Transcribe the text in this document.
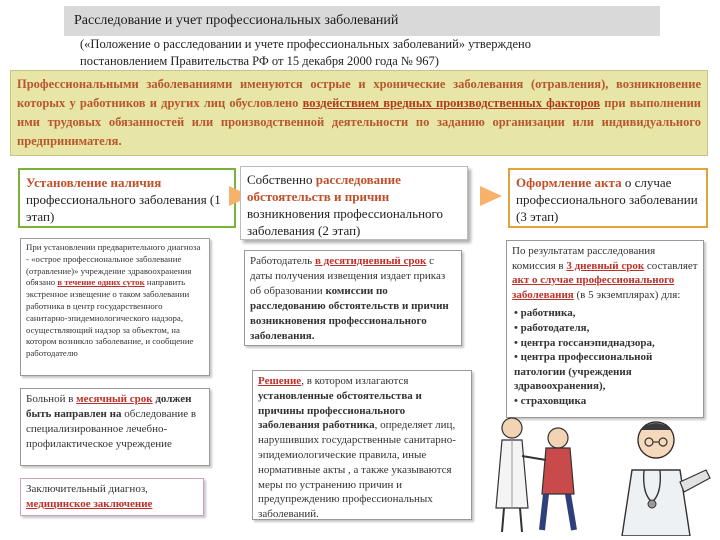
Расследование и учет профессиональных заболеваний
(«Положение о расследовании и учете профессиональных заболеваний» утверждено постановлением Правительства РФ от 15 декабря 2000 года № 967)
Профессиональными заболеваниями именуются острые и хронические заболевания (отравления), возникновение которых у работников и других лиц обусловлено воздействием вредных производственных факторов при выполнении ими трудовых обязанностей или производственной деятельности по заданию организации или индивидуального предпринимателя.
Установление наличия профессионального заболевания (1 этап)
Собственно расследование обстоятельств и причин возникновения профессионального заболевания (2 этап)
Оформление акта о случае профессионального заболевании (3 этап)
При установлении предварительного диагноза - «острое профессиональное заболевание (отравление)» учреждение здравоохранения обязано в течение одних суток направить экстренное извещение о таком заболевании работника в центр государственного санитарно-эпидемиологического надзора, осуществляющий надзор за объектом, на котором возникло заболевание, и сообщение работодателю
Больной в месячный срок должен быть направлен на обследование в специализированное лечебно-профилактическое учреждение
Заключительный диагноз, медицинское заключение
Работодатель в десятидневный срок с даты получения извещения издает приказ об образовании комиссии по расследованию обстоятельств и причин возникновения профессионального заболевания.
Решение, в котором излагаются установленные обстоятельства и причины профессионального заболевания работника, определяет лиц, нарушивших государственные санитарно-эпидемиологические правила, иные нормативные акты , а также указываются меры по устранению причин и предупреждению профессиональных заболеваний.
По результатам расследования комиссия в 3 дневный срок составляет акт о случае профессионального заболевания (в 5 экземплярах) для:
• работника,
• работодателя,
• центра госсанэпиднадзора,
• центра профессиональной патологии (учреждения здравоохранения),
• страховщика
